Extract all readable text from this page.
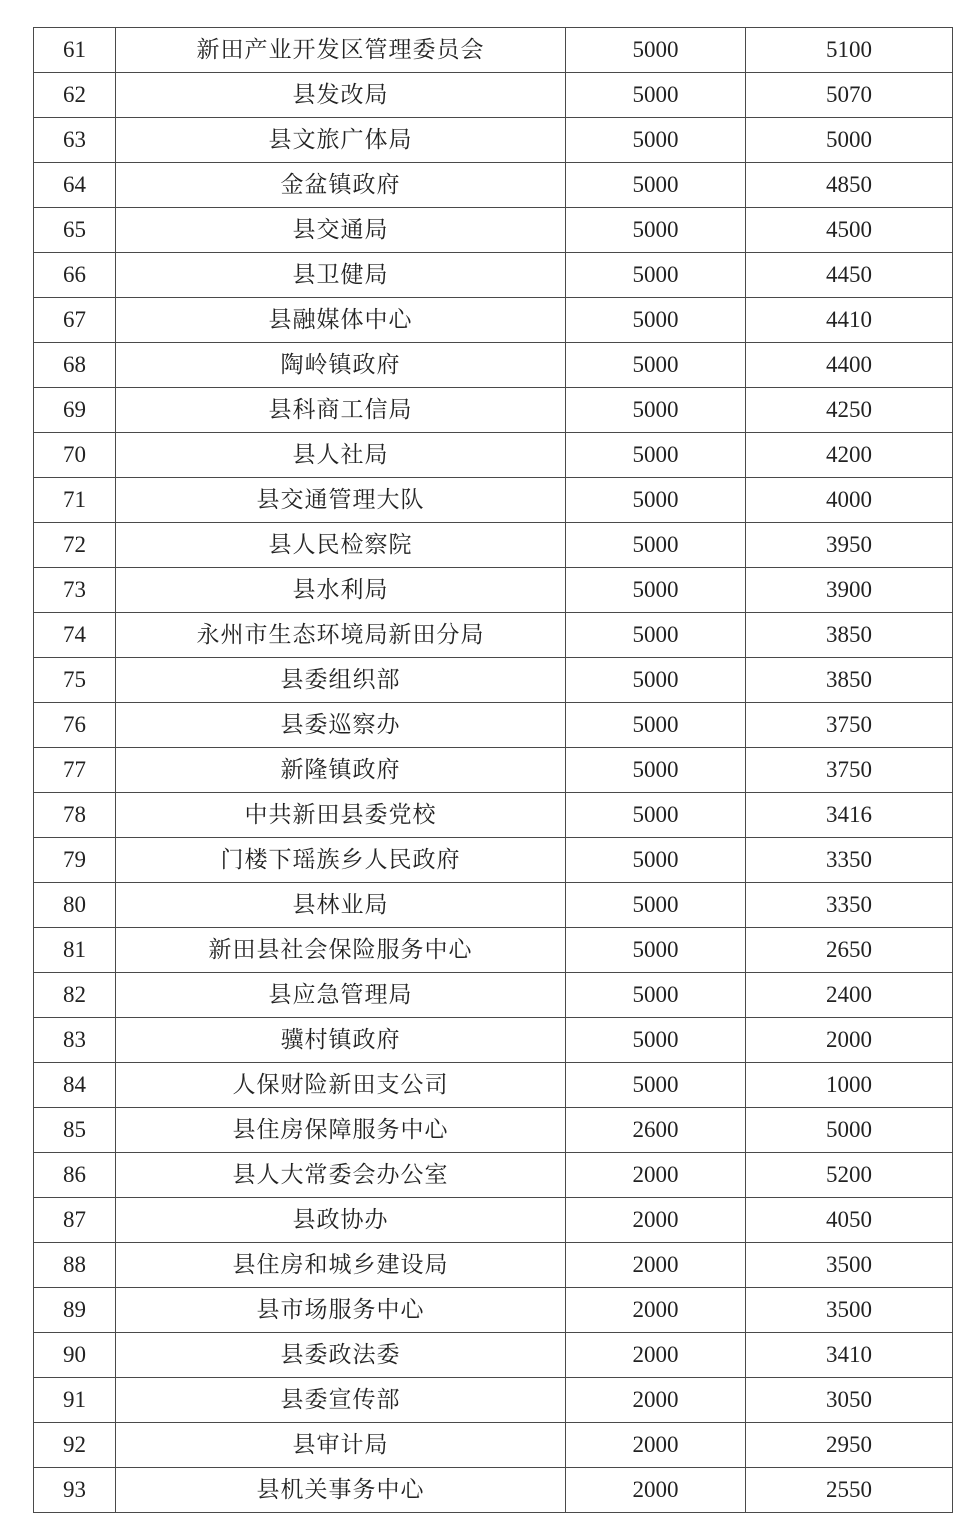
61	新田产业开发区管理委员会	5000	5100
62	县发改局	5000	5070
63	县文旅广体局	5000	5000
64	金盆镇政府	5000	4850
65	县交通局	5000	4500
66	县卫健局	5000	4450
67	县融媒体中心	5000	4410
68	陶岭镇政府	5000	4400
69	县科商工信局	5000	4250
70	县人社局	5000	4200
71	县交通管理大队	5000	4000
72	县人民检察院	5000	3950
73	县水利局	5000	3900
74	永州市生态环境局新田分局	5000	3850
75	县委组织部	5000	3850
76	县委巡察办	5000	3750
77	新隆镇政府	5000	3750
78	中共新田县委党校	5000	3416
79	门楼下瑶族乡人民政府	5000	3350
80	县林业局	5000	3350
81	新田县社会保险服务中心	5000	2650
82	县应急管理局	5000	2400
83	骥村镇政府	5000	2000
84	人保财险新田支公司	5000	1000
85	县住房保障服务中心	2600	5000
86	县人大常委会办公室	2000	5200
87	县政协办	2000	4050
88	县住房和城乡建设局	2000	3500
89	县市场服务中心	2000	3500
90	县委政法委	2000	3410
91	县委宣传部	2000	3050
92	县审计局	2000	2950
93	县机关事务中心	2000	2550
